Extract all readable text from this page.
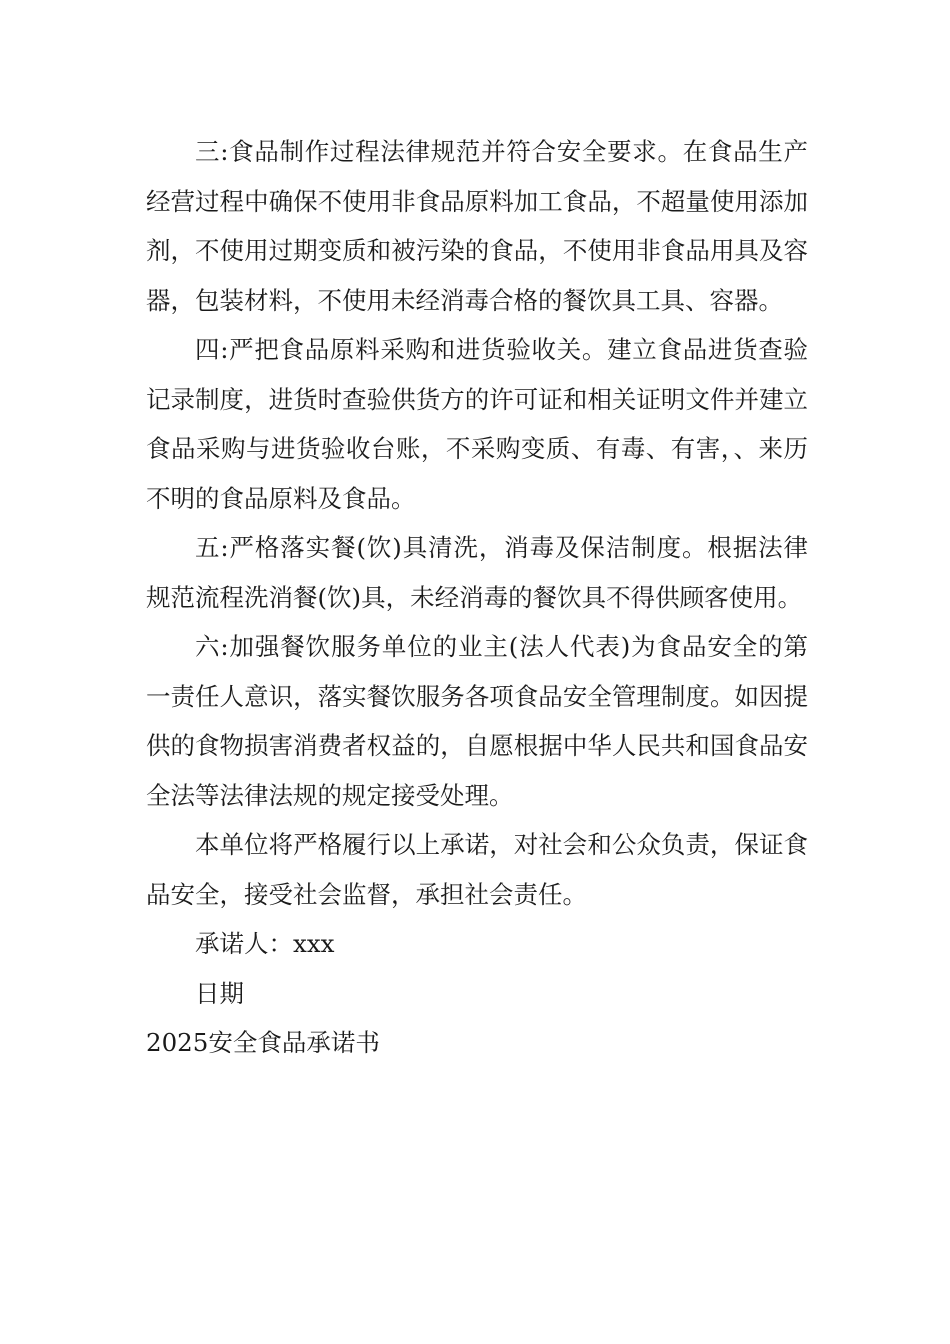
三:食品制作过程法律规范并符合安全要求。在食品生产经营过程中确保不使用非食品原料加工食品，不超量使用添加剂，不使用过期变质和被污染的食品，不使用非食品用具及容器，包装材料，不使用未经消毒合格的餐饮具工具、容器。

四:严把食品原料采购和进货验收关。建立食品进货查验记录制度，进货时查验供货方的许可证和相关证明文件并建立食品采购与进货验收台账，不采购变质、有毒、有害，、来历不明的食品原料及食品。

五:严格落实餐(饮)具清洗，消毒及保洁制度。根据法律规范流程洗消餐(饮)具，未经消毒的餐饮具不得供顾客使用。

六:加强餐饮服务单位的业主(法人代表)为食品安全的第一责任人意识，落实餐饮服务各项食品安全管理制度。如因提供的食物损害消费者权益的，自愿根据中华人民共和国食品安全法等法律法规的规定接受处理。

本单位将严格履行以上承诺，对社会和公众负责，保证食品安全，接受社会监督，承担社会责任。

承诺人：xxx

日期

2025安全食品承诺书
